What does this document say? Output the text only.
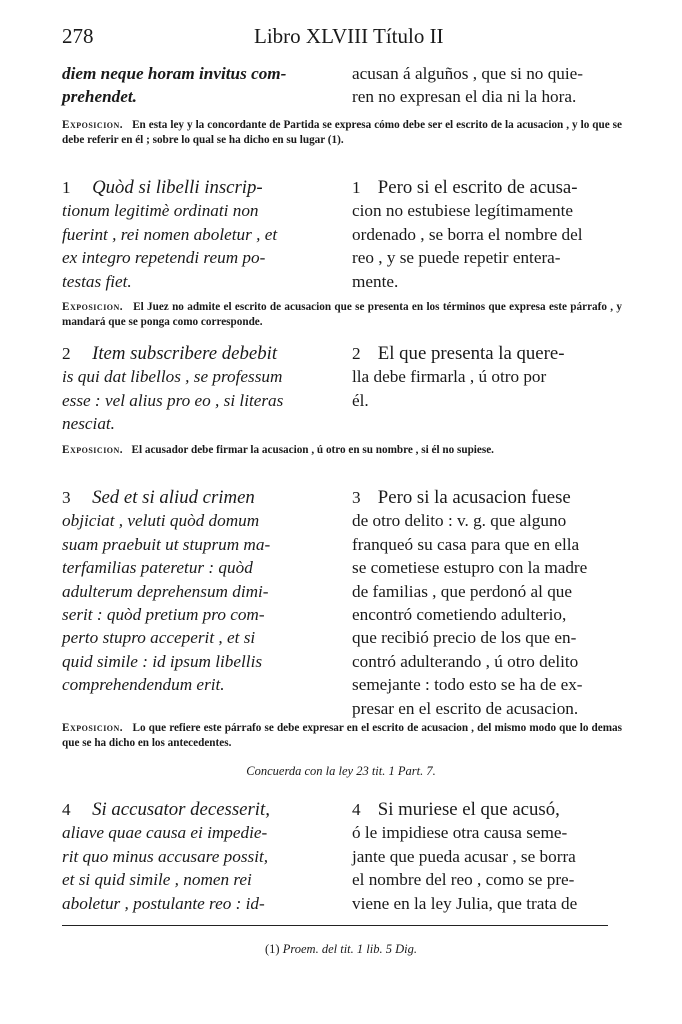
278	Libro XLVIII Título II
diem neque horam invitus com-
prehendet.
acusan á alguños , que si no quie-
ren no expresan el dia ni la hora.
Exposicion. En esta ley y la concordante de Partida se expresa cómo debe ser el escrito de la acusacion , y lo que se debe referir en él ; sobre lo qual se ha dicho en su lugar (1).
1 Quòd si libelli inscrip-
tionum legitimè ordinati non
fuerint , rei nomen aboletur , et
ex integro repetendi reum po-
testas fiet.
1 Pero si el escrito de acusa-
cion no estubiese legítimamente
ordenado , se borra el nombre del
reo , y se puede repetir entera-
mente.
Exposicion. El Juez no admite el escrito de acusacion que se presenta en los términos que expresa este párrafo , y mandará que se ponga como corresponde.
2 Item subscribere debebit
is qui dat libellos , se professum
esse : vel alius pro eo , si literas
nesciat.
2 El que presenta la quere-
lla debe firmarla , ú otro por
él.
Exposicion. El acusador debe firmar la acusacion , ú otro en su nombre , si él no supiese.
3 Sed et si aliud crimen
objiciat , veluti quòd domum
suam praebuit ut stuprum ma-
terfamilias pateretur : quòd
adulterum deprehensum dimi-
serit : quòd pretium pro com-
perto stupro acceperit , et si
quid simile : id ipsum libellis
comprehendendum erit.
3 Pero si la acusacion fuese
de otro delito : v. g. que alguno
franqueó su casa para que en ella
se cometiese estupro con la madre
de familias , que perdonó al que
encontró cometiendo adulterio,
que recibió precio de los que en-
contró adulterando , ú otro delito
semejante : todo esto se ha de ex-
presar en el escrito de acusacion.
Exposicion. Lo que refiere este párrafo se debe expresar en el escrito de acusacion , del mismo modo que lo demas que se ha dicho en los antecedentes.
Concuerda con la ley 23 tit. 1 Part. 7.
4 Si accusator decesserit,
aliave quae causa ei impedie-
rit quo minus accusare possit,
et si quid simile , nomen rei
aboletur , postulante reo : id-
4 Si muriese el que acusó,
ó le impidiese otra causa seme-
jante que pueda acusar , se borra
el nombre del reo , como se pre-
viene en la ley Julia, que trata de
(1) Proem. del tit. 1 lib. 5 Dig.
